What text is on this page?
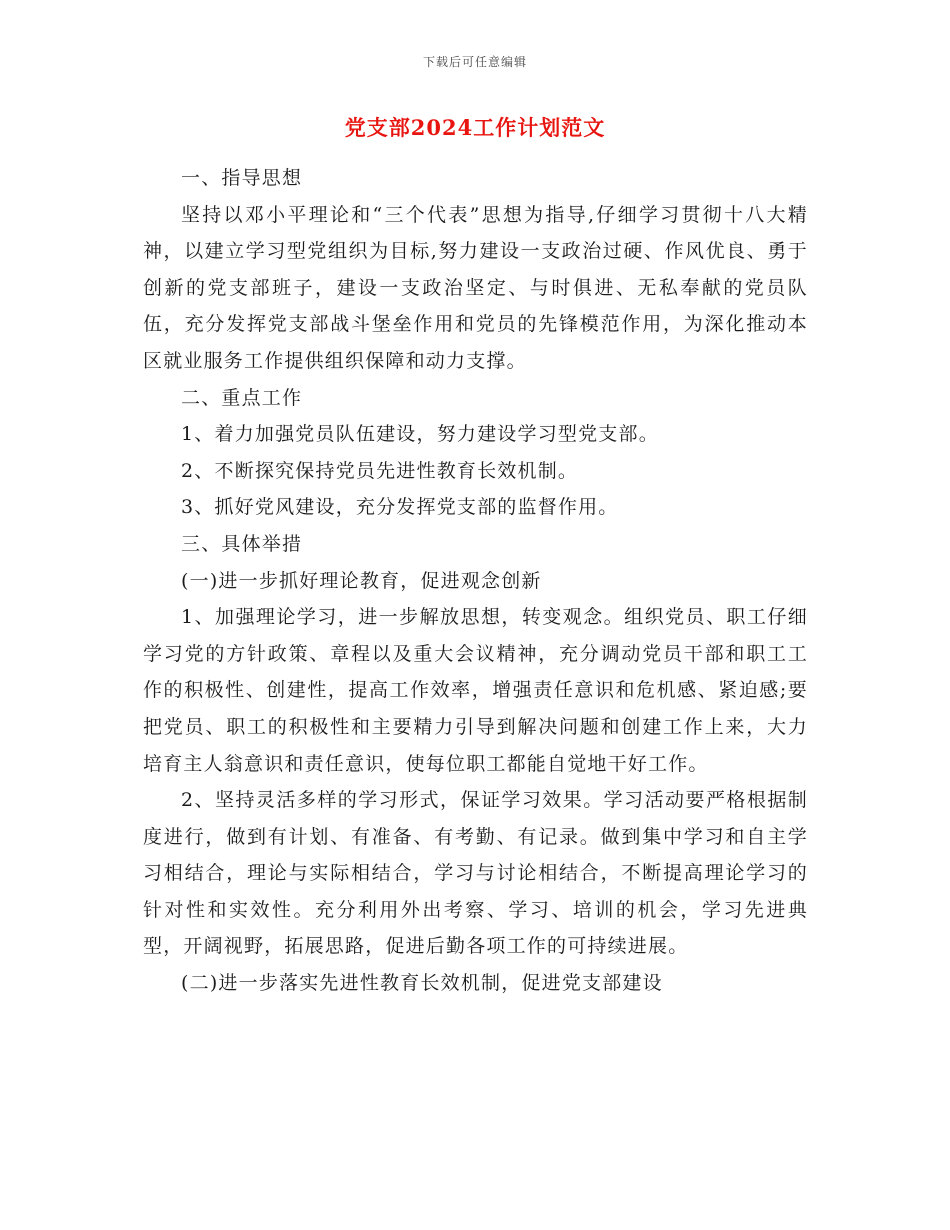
下载后可任意编辑
党支部2024工作计划范文

一、指导思想

坚持以邓小平理论和“三个代表”思想为指导,仔细学习贯彻十八大精神，以建立学习型党组织为目标,努力建设一支政治过硬、作风优良、勇于创新的党支部班子，建设一支政治坚定、与时俱进、无私奉献的党员队伍，充分发挥党支部战斗堡垒作用和党员的先锋模范作用，为深化推动本区就业服务工作提供组织保障和动力支撑。

二、重点工作

1、着力加强党员队伍建设，努力建设学习型党支部。

2、不断探究保持党员先进性教育长效机制。

3、抓好党风建设，充分发挥党支部的监督作用。

三、具体举措

(一)进一步抓好理论教育，促进观念创新

1、加强理论学习，进一步解放思想，转变观念。组织党员、职工仔细学习党的方针政策、章程以及重大会议精神，充分调动党员干部和职工工作的积极性、创建性，提高工作效率，增强责任意识和危机感、紧迫感;要把党员、职工的积极性和主要精力引导到解决问题和创建工作上来，大力培育主人翁意识和责任意识，使每位职工都能自觉地干好工作。

2、坚持灵活多样的学习形式，保证学习效果。学习活动要严格根据制度进行，做到有计划、有准备、有考勤、有记录。做到集中学习和自主学习相结合，理论与实际相结合，学习与讨论相结合，不断提高理论学习的针对性和实效性。充分利用外出考察、学习、培训的机会，学习先进典型，开阔视野，拓展思路，促进后勤各项工作的可持续进展。

(二)进一步落实先进性教育长效机制，促进党支部建设
